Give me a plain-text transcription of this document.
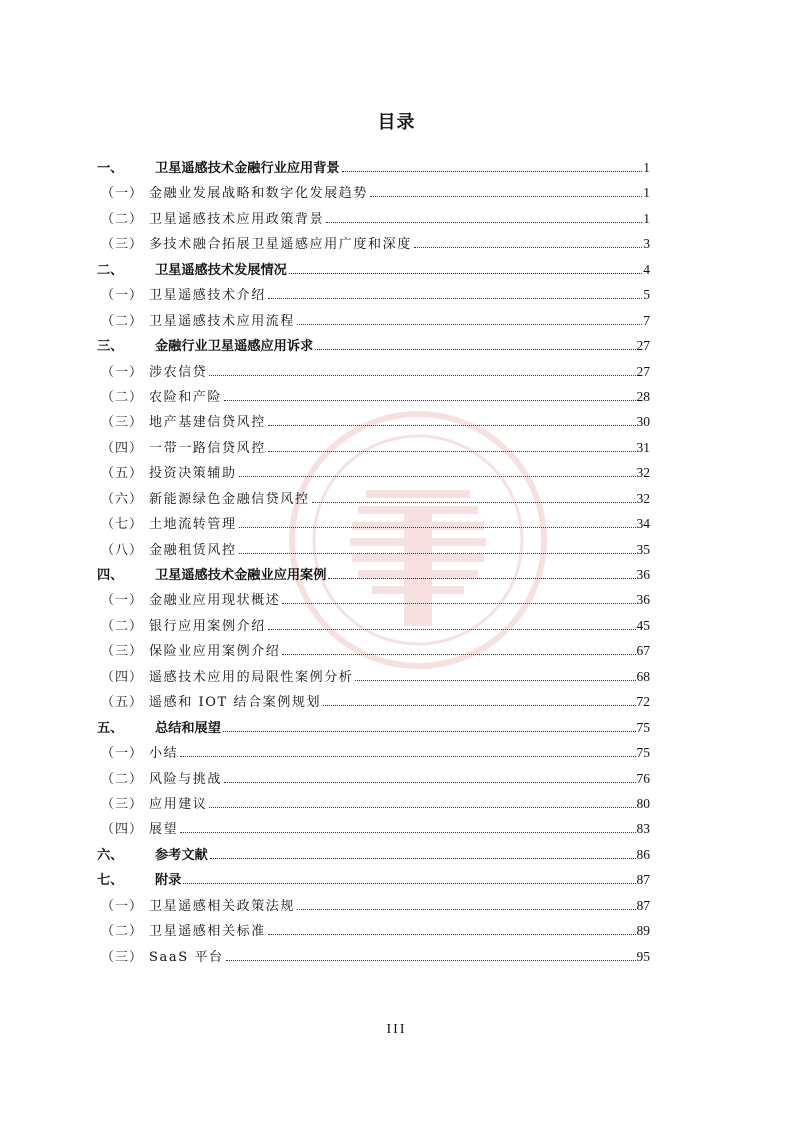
目录
一、	卫星遥感技术金融行业应用背景	1
（一） 金融业发展战略和数字化发展趋势	1
（二） 卫星遥感技术应用政策背景	1
（三） 多技术融合拓展卫星遥感应用广度和深度	3
二、	卫星遥感技术发展情况	4
（一） 卫星遥感技术介绍	5
（二） 卫星遥感技术应用流程	7
三、	金融行业卫星遥感应用诉求	27
（一） 涉农信贷	27
（二） 农险和产险	28
（三） 地产基建信贷风控	30
（四） 一带一路信贷风控	31
（五） 投资决策辅助	32
（六） 新能源绿色金融信贷风控	32
（七） 土地流转管理	34
（八） 金融租赁风控	35
四、	卫星遥感技术金融业应用案例	36
（一） 金融业应用现状概述	36
（二） 银行应用案例介绍	45
（三） 保险业应用案例介绍	67
（四） 遥感技术应用的局限性案例分析	68
（五） 遥感和 IOT 结合案例规划	72
五、	总结和展望	75
（一） 小结	75
（二） 风险与挑战	76
（三） 应用建议	80
（四） 展望	83
六、	参考文献	86
七、	附录	87
（一） 卫星遥感相关政策法规	87
（二） 卫星遥感相关标准	89
（三） SaaS 平台	95
III
